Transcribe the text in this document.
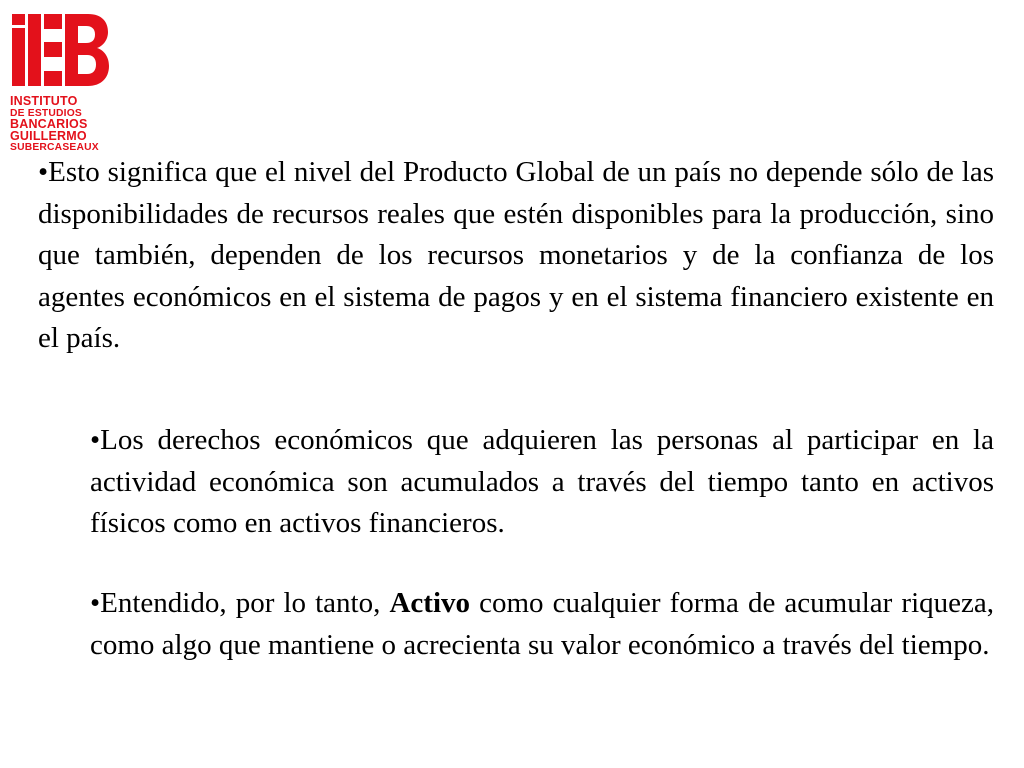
INSTITUTO
DE ESTUDIOS
BANCARIOS
GUILLERMO
SUBERCASEAUX

•Esto significa que el nivel del Producto Global de un país no depende sólo de las disponibilidades de recursos reales que estén disponibles para la producción, sino que también, dependen de los recursos monetarios y de la confianza de los agentes económicos en el sistema de pagos y en el sistema financiero existente en el país.

•Los derechos económicos que adquieren las personas al participar en la actividad económica son acumulados a través del tiempo tanto en activos físicos como en activos financieros.

•Entendido, por lo tanto, Activo como cualquier forma de acumular riqueza, como algo que mantiene o acrecienta su valor económico a través del tiempo.
